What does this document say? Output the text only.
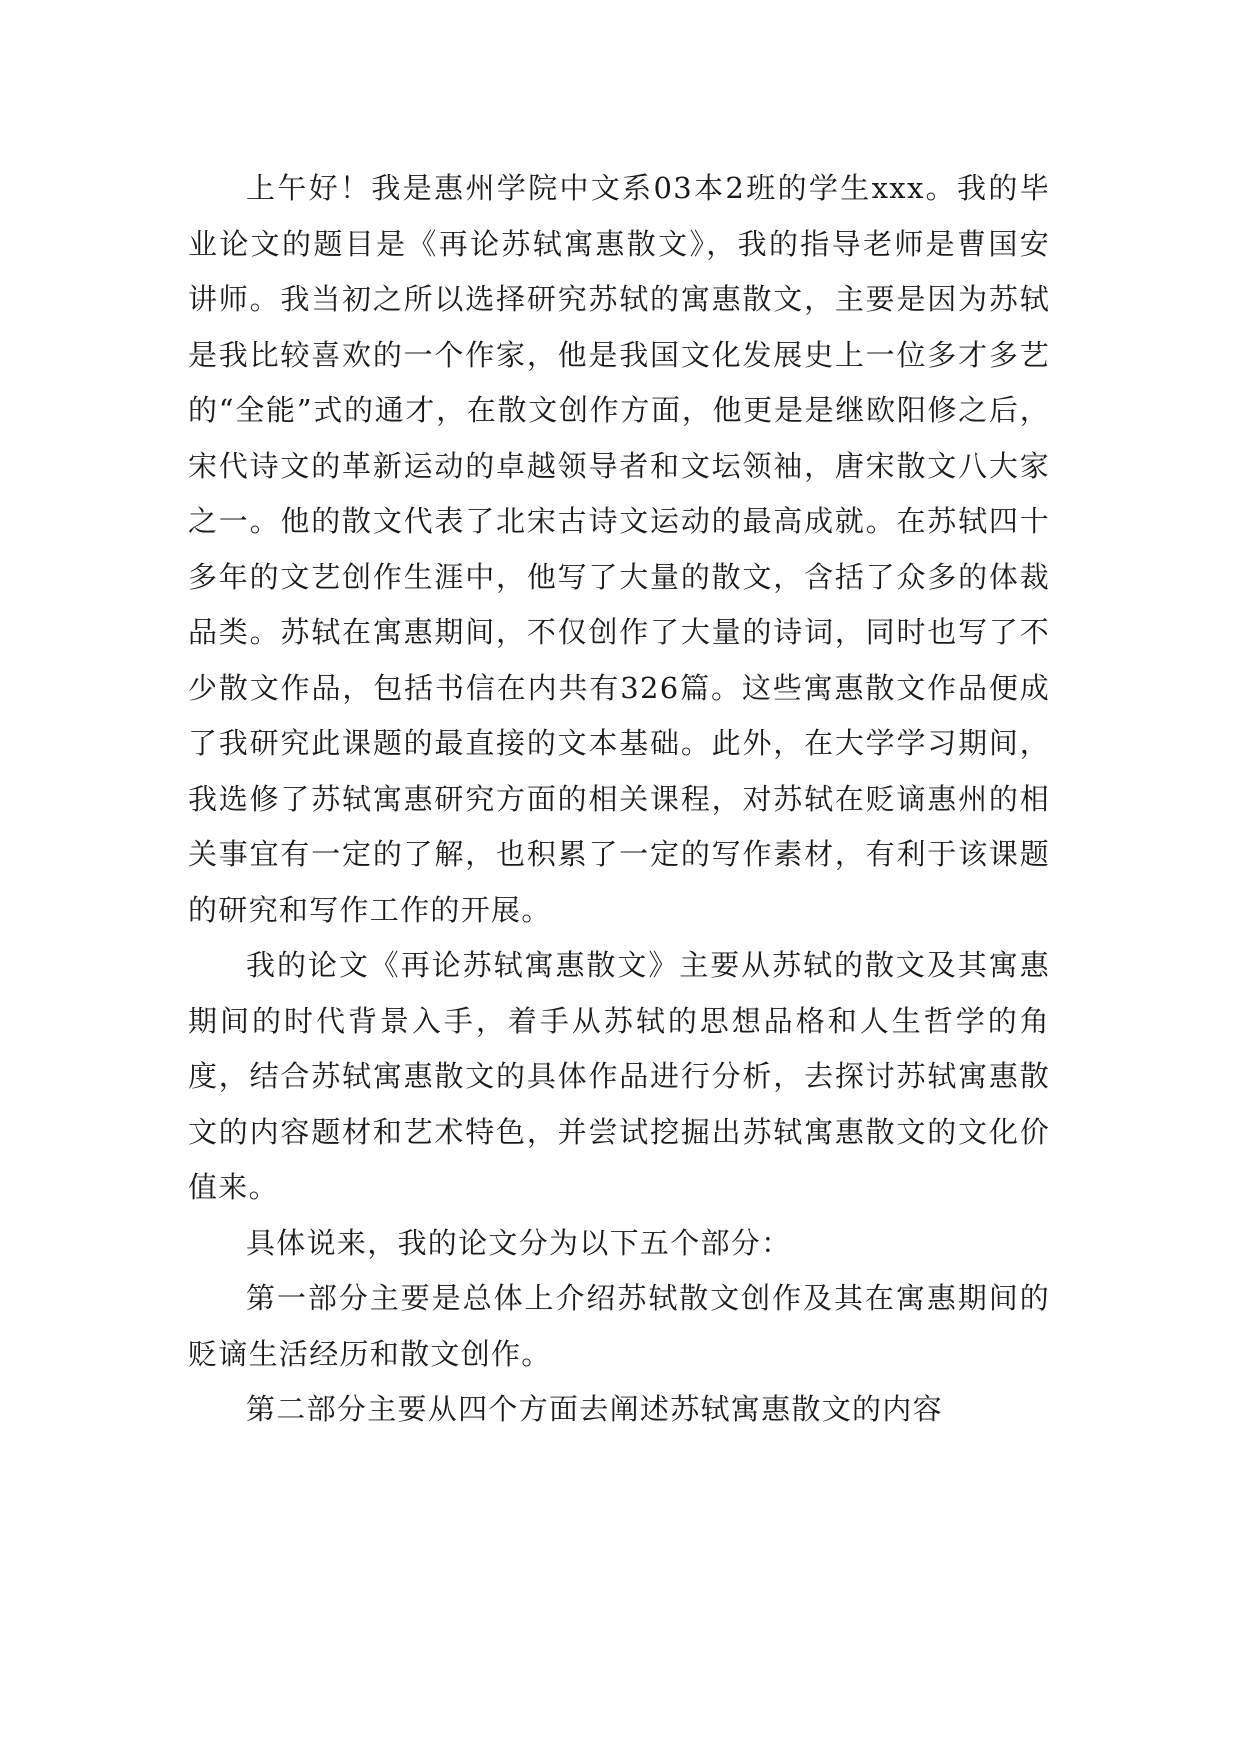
上午好！我是惠州学院中文系03本2班的学生xxx。我的毕业论文的题目是《再论苏轼寓惠散文》，我的指导老师是曹国安讲师。我当初之所以选择研究苏轼的寓惠散文，主要是因为苏轼是我比较喜欢的一个作家，他是我国文化发展史上一位多才多艺的“全能”式的通才，在散文创作方面，他更是是继欧阳修之后，宋代诗文的革新运动的卓越领导者和文坛领袖，唐宋散文八大家之一。他的散文代表了北宋古诗文运动的最高成就。在苏轼四十多年的文艺创作生涯中，他写了大量的散文，含括了众多的体裁品类。苏轼在寓惠期间，不仅创作了大量的诗词，同时也写了不少散文作品，包括书信在内共有326篇。这些寓惠散文作品便成了我研究此课题的最直接的文本基础。此外，在大学学习期间，我选修了苏轼寓惠研究方面的相关课程，对苏轼在贬谪惠州的相关事宜有一定的了解，也积累了一定的写作素材，有利于该课题的研究和写作工作的开展。

我的论文《再论苏轼寓惠散文》主要从苏轼的散文及其寓惠期间的时代背景入手，着手从苏轼的思想品格和人生哲学的角度，结合苏轼寓惠散文的具体作品进行分析，去探讨苏轼寓惠散文的内容题材和艺术特色，并尝试挖掘出苏轼寓惠散文的文化价值来。

具体说来，我的论文分为以下五个部分：

第一部分主要是总体上介绍苏轼散文创作及其在寓惠期间的贬谪生活经历和散文创作。

第二部分主要从四个方面去阐述苏轼寓惠散文的内容
